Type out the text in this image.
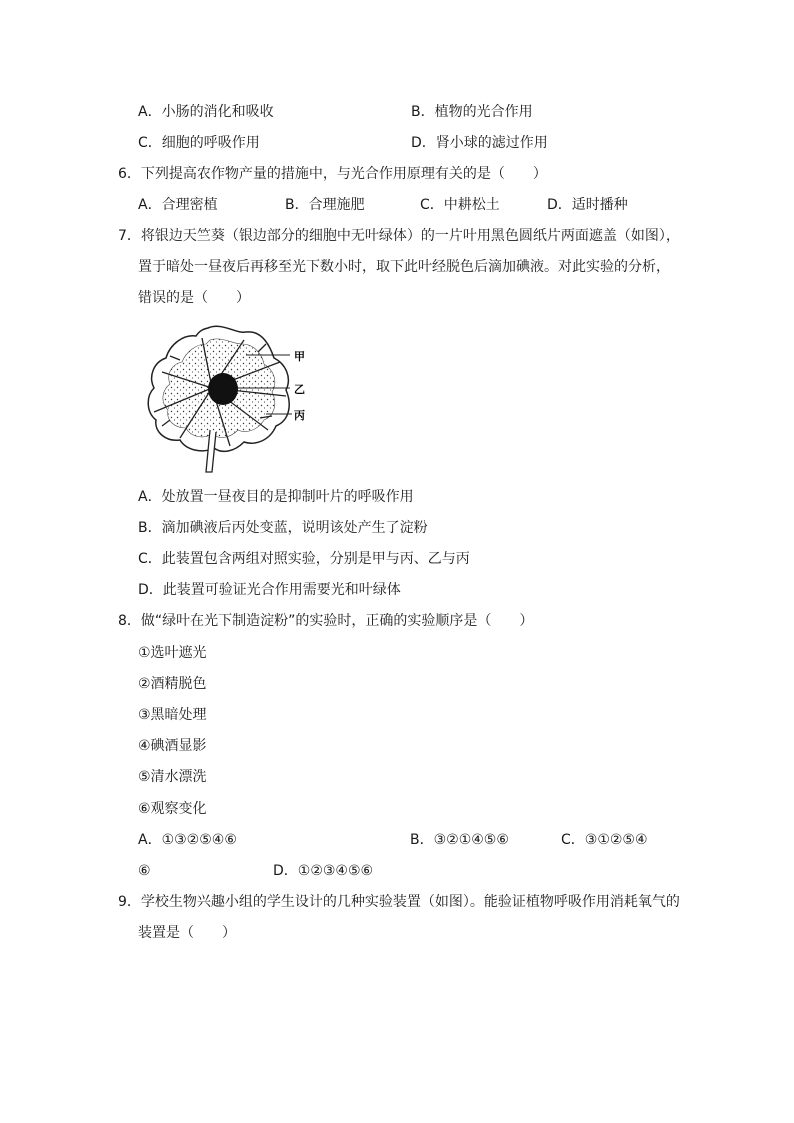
A．小肠的消化和吸收	B．植物的光合作用
C．细胞的呼吸作用	D．肾小球的滤过作用
6．下列提高农作物产量的措施中，与光合作用原理有关的是（　　）
A．合理密植	B．合理施肥	C．中耕松土	D．适时播种
7．将银边天竺葵（银边部分的细胞中无叶绿体）的一片叶用黑色圆纸片两面遮盖（如图），
置于暗处一昼夜后再移至光下数小时，取下此叶经脱色后滴加碘液。对此实验的分析，
错误的是（　　）
甲
乙
丙
A．处放置一昼夜目的是抑制叶片的呼吸作用
B．滴加碘液后丙处变蓝，说明该处产生了淀粉
C．此装置包含两组对照实验，分别是甲与丙、乙与丙
D．此装置可验证光合作用需要光和叶绿体
8．做“绿叶在光下制造淀粉”的实验时，正确的实验顺序是（　　）
①选叶遮光
②酒精脱色
③黑暗处理
④碘酒显影
⑤清水漂洗
⑥观察变化
A．①③②⑤④⑥	B．③②①④⑤⑥	C．③①②⑤④
⑥	D．①②③④⑤⑥
9．学校生物兴趣小组的学生设计的几种实验装置（如图）。能验证植物呼吸作用消耗氧气的
装置是（　　）
